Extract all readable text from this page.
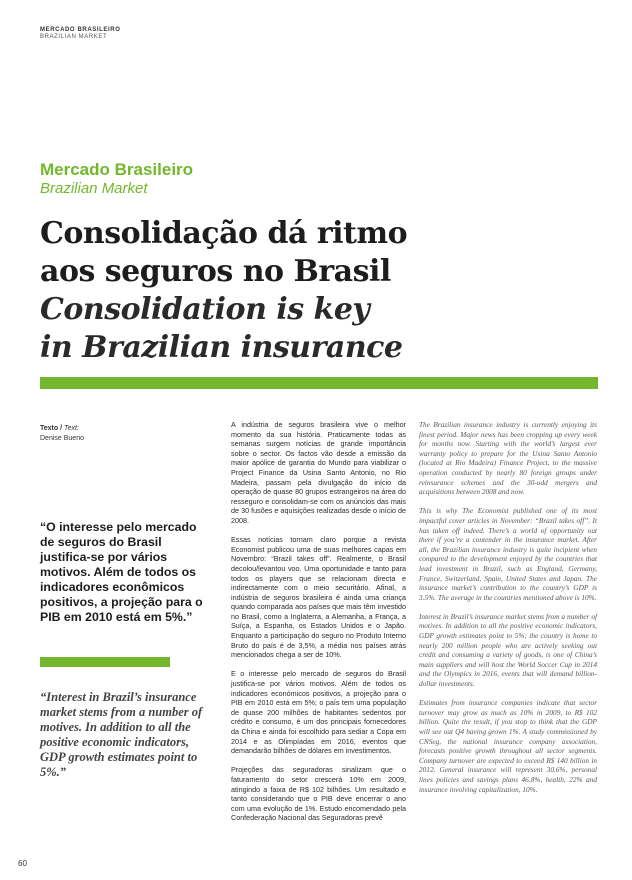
MERCADO BRASILEIRO
BRAZILIAN MARKET
Mercado Brasileiro
Brazilian Market
Consolidação dá ritmo
aos seguros no Brasil
Consolidation is key
in Brazilian insurance
Texto / Text:
Denise Bueno
“O interesse pelo mercado de seguros do Brasil justifica-se por vários motivos. Além de todos os indicadores econômicos positivos, a projeção para o PIB em 2010 está em 5%.”
“Interest in Brazil’s insurance market stems from a number of motives. In addition to all the positive economic indicators, GDP growth estimates point to 5%.”

A indústria de seguros brasileira vive o melhor momento da sua história. Praticamente todas as semanas surgem notícias de grande importância sobre o sector. Os factos vão desde a emissão da maior apólice de garantia do Mundo para viabilizar o Project Finance da Usina Santo Antonio, no Rio Madeira, passam pela divulgação do início da operação de quase 80 grupos estrangeiros na área do resseguro e consolidam-se com os anúncios das mais de 30 fusões e aquisições realizadas desde o início de 2008.

Essas notícias tornam claro porque a revista Economist publicou uma de suas melhores capas em Novembro: “Brazil takes off”. Realmente, o Brasil decolou/levantou voo. Uma oportunidade e tanto para todos os players que se relacionam directa e indirectamente com o meio securitário. Afinal, a indústria de seguros brasileira é ainda uma criança quando comparada aos países que mais têm investido no Brasil, como a Inglaterra, a Alemanha, a França, a Suíça, a Espanha, os Estados Unidos e o Japão. Enquanto a participação do seguro no Produto Interno Bruto do país é de 3,5%, a média nos países atrás mencionados chega a ser de 10%.

E o interesse pelo mercado de seguros do Brasil justifica-se por vários motivos. Além de todos os indicadores económicos positivos, a projeção para o PIB em 2010 está em 5%; o país tem uma população de quase 200 milhões de habitantes sedentos por crédito e consumo, é um dos principais fornecedores da China e ainda foi escolhido para sediar a Copa em 2014 e as Olimpíadas em 2016, eventos que demandarão bilhões de dólares em investimentos.

Projeções das seguradoras sinalizam que o faturamento do setor crescerá 10% em 2009, atingindo a faixa de R$ 102 bilhões. Um resultado e tanto considerando que o PIB deve encerrar o ano com uma evolução de 1%. Estudo encomendado pela Confederação Nacional das Seguradoras prevê

The Brazilian insurance industry is currently enjoying its finest period. Major news has been cropping up every week for months now. Starting with the world’s largest ever warranty policy to prepare for the Usina Santo Antonio (located at Rio Madeira) Finance Project, to the massive operation conducted by nearly 80 foreign groups under reinsurance schemes and the 30-odd mergers and acquisitions between 2008 and now.

This is why The Economist published one of its most impactful cover articles in November: “Brazil takes off”. It has taken off indeed. There’s a world of opportunity out there if you’re a contender in the insurance market. After all, the Brazilian insurance industry is quite incipient when compared to the development enjoyed by the countries that lead investment in Brazil, such as England, Germany, France, Switzerland, Spain, United States and Japan. The insurance market’s contribution to the country’s GDP is 3.5%. The average in the countries mentioned above is 10%.

Interest in Brazil’s insurance market stems from a number of motives. In addition to all the positive economic indicators, GDP growth estimates point to 5%; the country is home to nearly 200 million people who are actively seeking out credit and consuming a variety of goods, is one of China’s main suppliers and will host the World Soccer Cup in 2014 and the Olympics in 2016, events that will demand billion-dollar investments.

Estimates from insurance companies indicate that sector turnover may grow as much as 10% in 2009, to R$ 102 billion. Quite the result, if you stop to think that the GDP will see out Q4 having grown 1%. A study commissioned by CNSeg, the national insurance company association, forecasts positive growth throughout all sector segments. Company turnover are expected to exceed R$ 140 billion in 2012. General insurance will represent 30.6%, personal lines policies and savings plans 46.8%, health, 22% and insurance involving capitalization, 10%.

60
